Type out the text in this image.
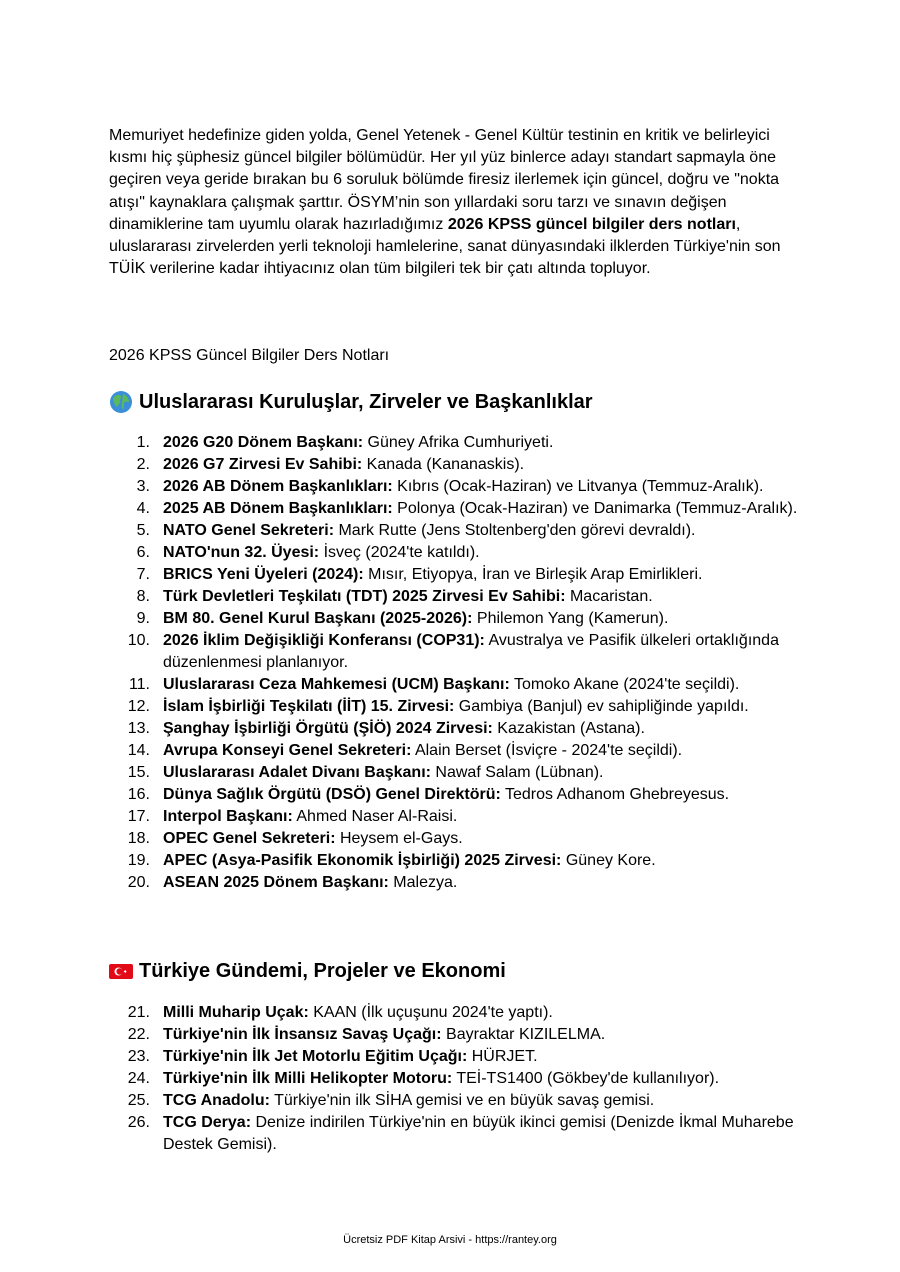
Memuriyet hedefinize giden yolda, Genel Yetenek - Genel Kültür testinin en kritik ve belirleyici kısmı hiç şüphesiz güncel bilgiler bölümüdür. Her yıl yüz binlerce adayı standart sapmayla öne geçiren veya geride bırakan bu 6 soruluk bölümde firesiz ilerlemek için güncel, doğru ve "nokta atışı" kaynaklara çalışmak şarttır. ÖSYM’nin son yıllardaki soru tarzı ve sınavın değişen dinamiklerine tam uyumlu olarak hazırladığımız 2026 KPSS güncel bilgiler ders notları, uluslararası zirvelerden yerli teknoloji hamlelerine, sanat dünyasındaki ilklerden Türkiye'nin son TÜİK verilerine kadar ihtiyacınız olan tüm bilgileri tek bir çatı altında topluyor.

2026 KPSS Güncel Bilgiler Ders Notları

Uluslararası Kuruluşlar, Zirveler ve Başkanlıklar
1. 2026 G20 Dönem Başkanı: Güney Afrika Cumhuriyeti.
2. 2026 G7 Zirvesi Ev Sahibi: Kanada (Kananaskis).
3. 2026 AB Dönem Başkanlıkları: Kıbrıs (Ocak-Haziran) ve Litvanya (Temmuz-Aralık).
4. 2025 AB Dönem Başkanlıkları: Polonya (Ocak-Haziran) ve Danimarka (Temmuz-Aralık).
5. NATO Genel Sekreteri: Mark Rutte (Jens Stoltenberg'den görevi devraldı).
6. NATO'nun 32. Üyesi: İsveç (2024'te katıldı).
7. BRICS Yeni Üyeleri (2024): Mısır, Etiyopya, İran ve Birleşik Arap Emirlikleri.
8. Türk Devletleri Teşkilatı (TDT) 2025 Zirvesi Ev Sahibi: Macaristan.
9. BM 80. Genel Kurul Başkanı (2025-2026): Philemon Yang (Kamerun).
10. 2026 İklim Değişikliği Konferansı (COP31): Avustralya ve Pasifik ülkeleri ortaklığında düzenlenmesi planlanıyor.
11. Uluslararası Ceza Mahkemesi (UCM) Başkanı: Tomoko Akane (2024'te seçildi).
12. İslam İşbirliği Teşkilatı (İİT) 15. Zirvesi: Gambiya (Banjul) ev sahipliğinde yapıldı.
13. Şanghay İşbirliği Örgütü (ŞİÖ) 2024 Zirvesi: Kazakistan (Astana).
14. Avrupa Konseyi Genel Sekreteri: Alain Berset (İsviçre - 2024'te seçildi).
15. Uluslararası Adalet Divanı Başkanı: Nawaf Salam (Lübnan).
16. Dünya Sağlık Örgütü (DSÖ) Genel Direktörü: Tedros Adhanom Ghebreyesus.
17. Interpol Başkanı: Ahmed Naser Al-Raisi.
18. OPEC Genel Sekreteri: Heysem el-Gays.
19. APEC (Asya-Pasifik Ekonomik İşbirliği) 2025 Zirvesi: Güney Kore.
20. ASEAN 2025 Dönem Başkanı: Malezya.
Türkiye Gündemi, Projeler ve Ekonomi
21. Milli Muharip Uçak: KAAN (İlk uçuşunu 2024'te yaptı).
22. Türkiye'nin İlk İnsansız Savaş Uçağı: Bayraktar KIZILELMA.
23. Türkiye'nin İlk Jet Motorlu Eğitim Uçağı: HÜRJET.
24. Türkiye'nin İlk Milli Helikopter Motoru: TEİ-TS1400 (Gökbey'de kullanılıyor).
25. TCG Anadolu: Türkiye'nin ilk SİHA gemisi ve en büyük savaş gemisi.
26. TCG Derya: Denize indirilen Türkiye'nin en büyük ikinci gemisi (Denizde İkmal Muharebe Destek Gemisi).
Ücretsiz PDF Kitap Arsivi - https://rantey.org
